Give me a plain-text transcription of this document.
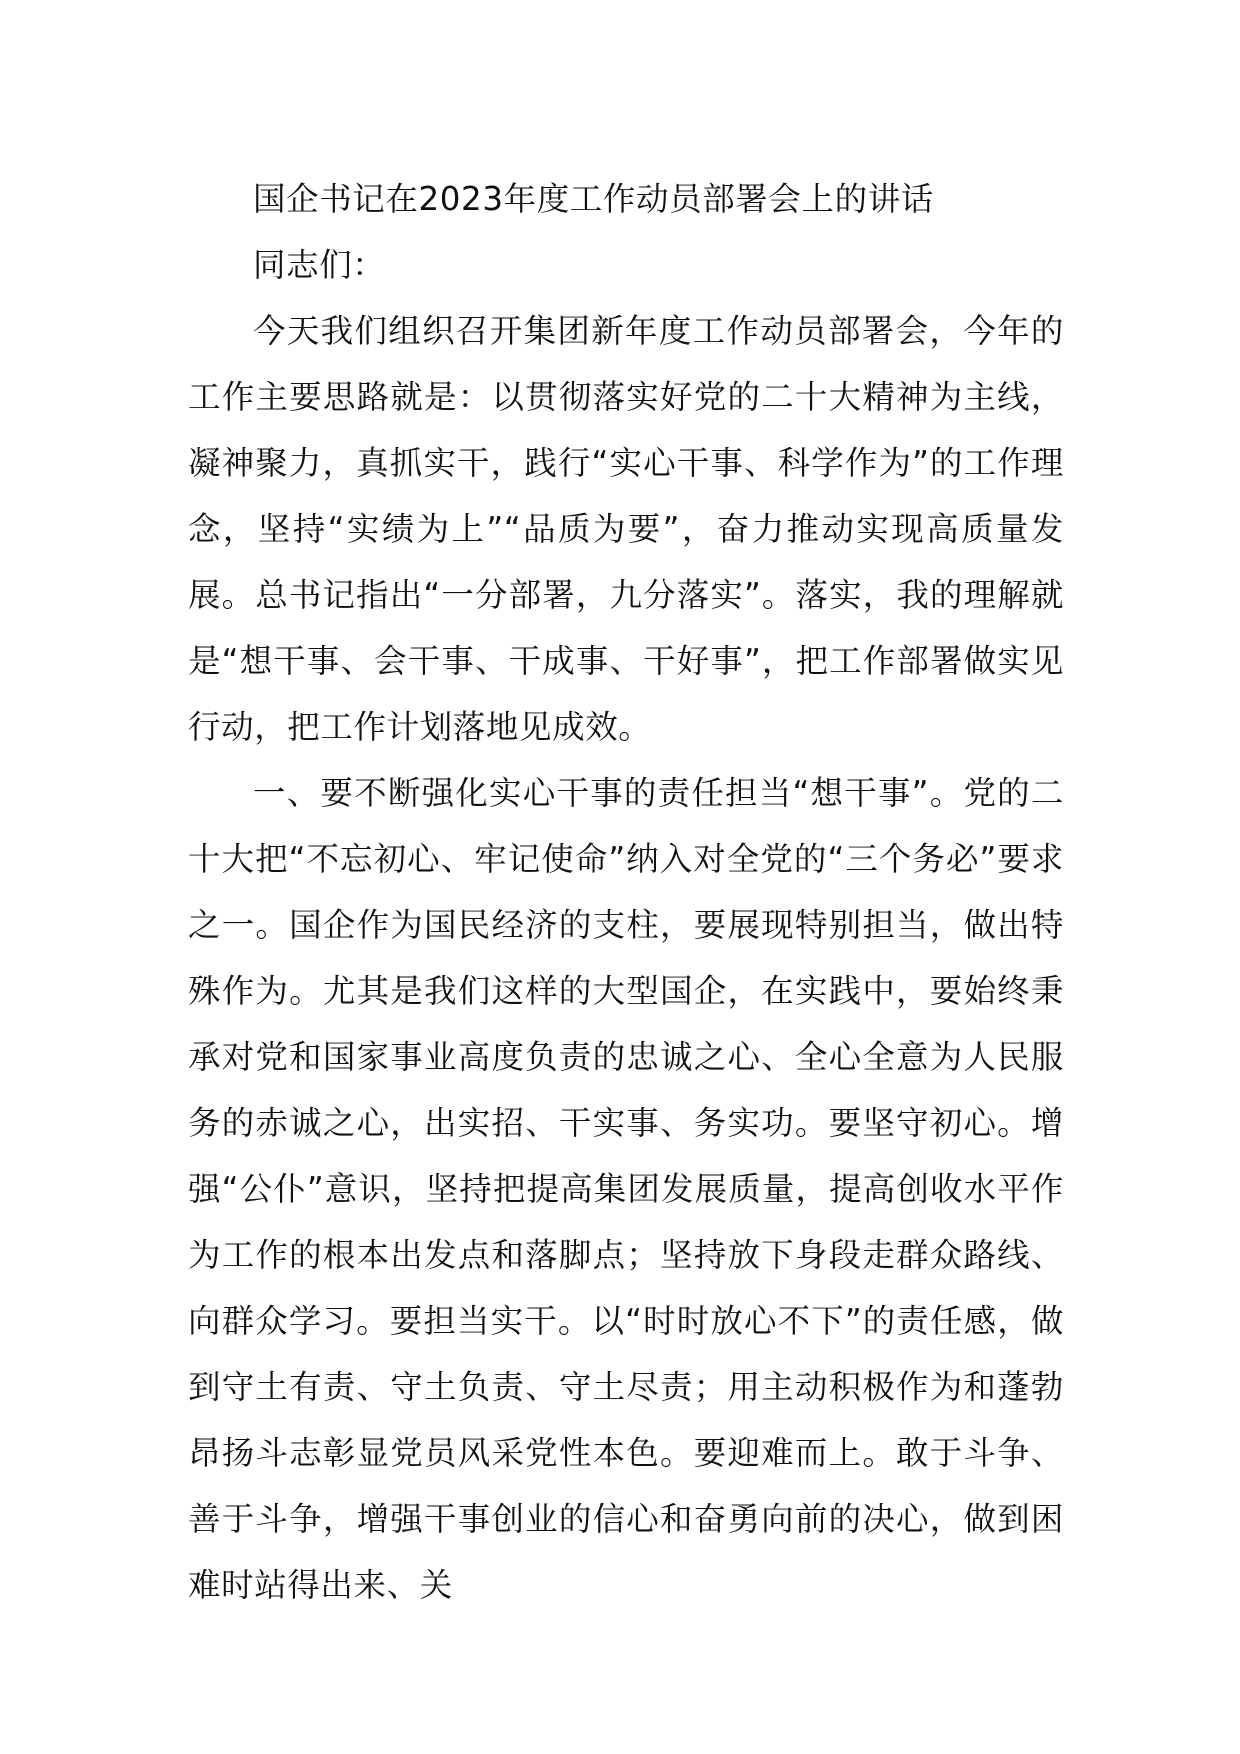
国企书记在2023年度工作动员部署会上的讲话

同志们：

今天我们组织召开集团新年度工作动员部署会，今年的工作主要思路就是：以贯彻落实好党的二十大精神为主线，凝神聚力，真抓实干，践行“实心干事、科学作为”的工作理念，坚持“实绩为上”“品质为要”，奋力推动实现高质量发展。总书记指出“一分部署，九分落实”。落实，我的理解就是“想干事、会干事、干成事、干好事”，把工作部署做实见行动，把工作计划落地见成效。

一、要不断强化实心干事的责任担当“想干事”。党的二十大把“不忘初心、牢记使命”纳入对全党的“三个务必”要求之一。国企作为国民经济的支柱，要展现特别担当，做出特殊作为。尤其是我们这样的大型国企，在实践中，要始终秉承对党和国家事业高度负责的忠诚之心、全心全意为人民服务的赤诚之心，出实招、干实事、务实功。要坚守初心。增强“公仆”意识，坚持把提高集团发展质量，提高创收水平作为工作的根本出发点和落脚点；坚持放下身段走群众路线、向群众学习。要担当实干。以“时时放心不下”的责任感，做到守土有责、守土负责、守土尽责；用主动积极作为和蓬勃昂扬斗志彰显党员风采党性本色。要迎难而上。敢于斗争、善于斗争，增强干事创业的信心和奋勇向前的决心，做到困难时站得出来、关
